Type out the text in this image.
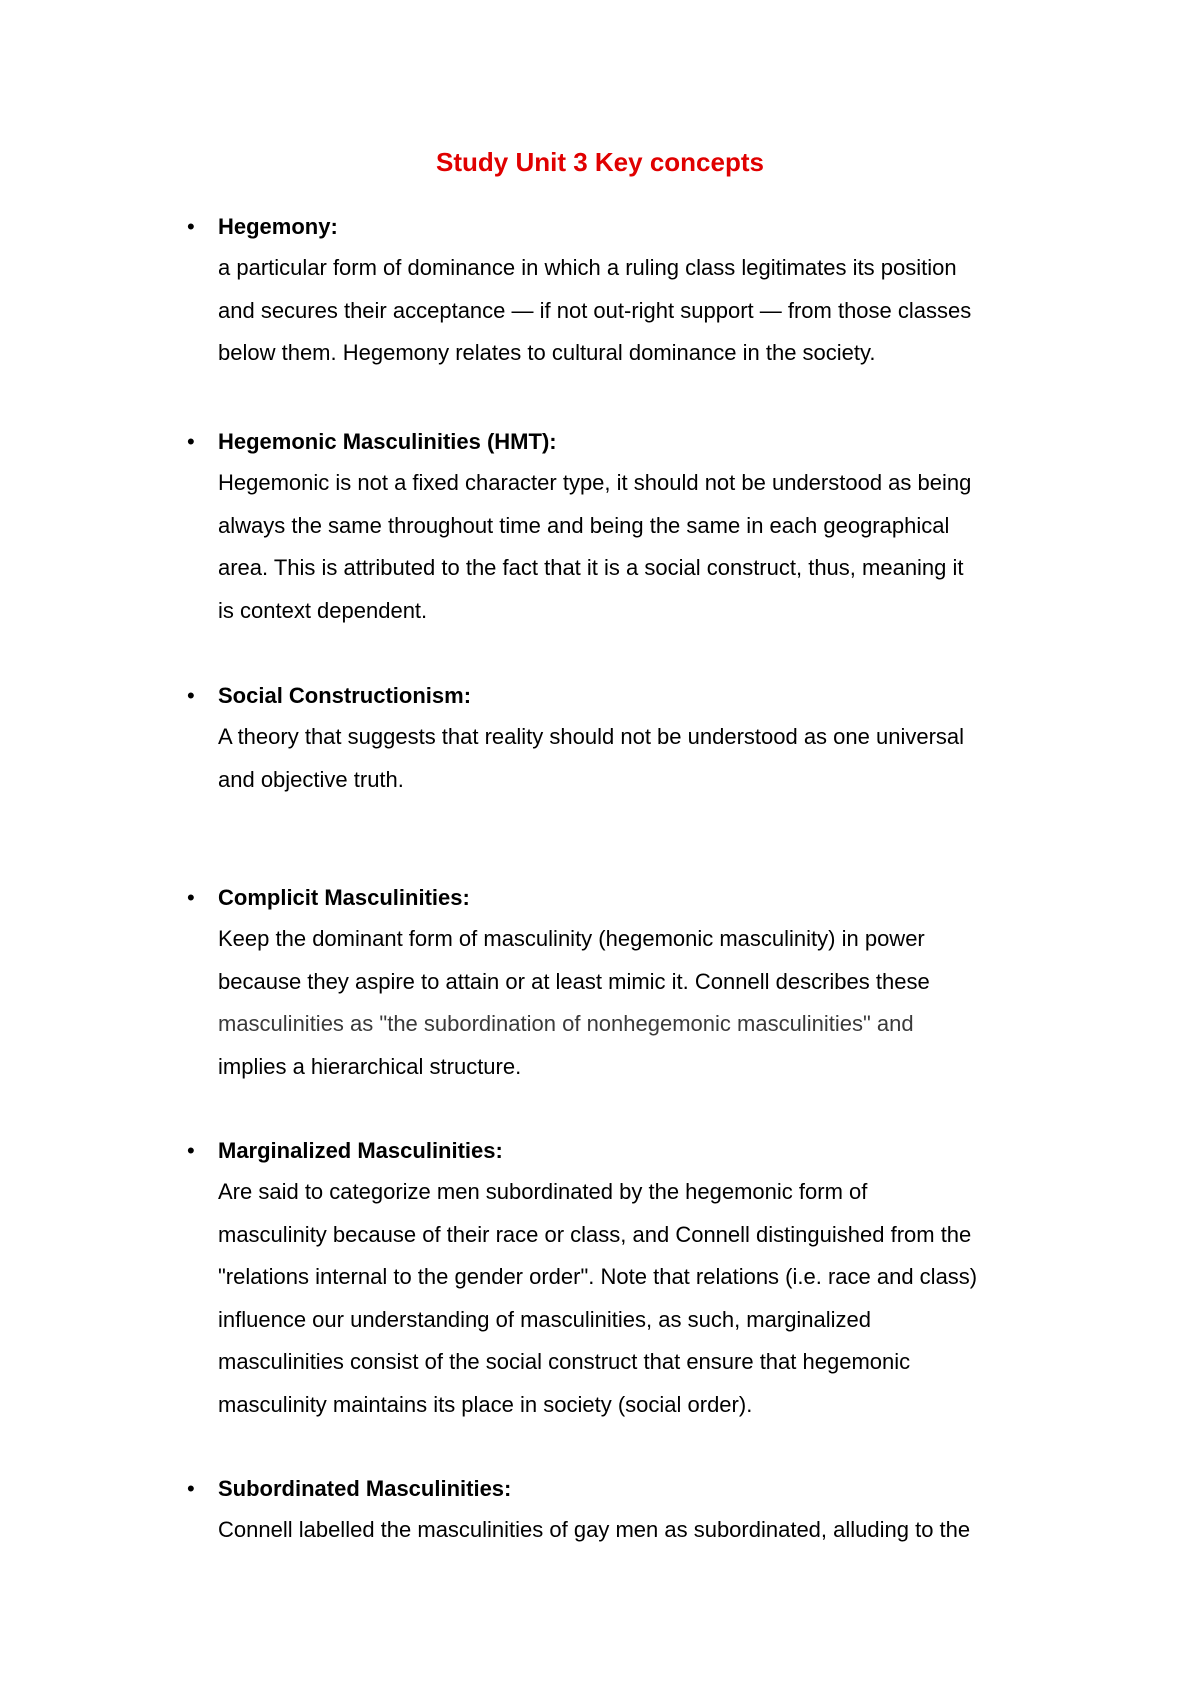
Study Unit 3 Key concepts
• Hegemony:
a particular form of dominance in which a ruling class legitimates its position
and secures their acceptance — if not out-right support — from those classes
below them. Hegemony relates to cultural dominance in the society.
• Hegemonic Masculinities (HMT):
Hegemonic is not a fixed character type, it should not be understood as being
always the same throughout time and being the same in each geographical
area. This is attributed to the fact that it is a social construct, thus, meaning it
is context dependent.
• Social Constructionism:
A theory that suggests that reality should not be understood as one universal
and objective truth.
• Complicit Masculinities:
Keep the dominant form of masculinity (hegemonic masculinity) in power
because they aspire to attain or at least mimic it. Connell describes these
masculinities as "the subordination of nonhegemonic masculinities" and
implies a hierarchical structure.
• Marginalized Masculinities:
Are said to categorize men subordinated by the hegemonic form of
masculinity because of their race or class, and Connell distinguished from the
"relations internal to the gender order". Note that relations (i.e. race and class)
influence our understanding of masculinities, as such, marginalized
masculinities consist of the social construct that ensure that hegemonic
masculinity maintains its place in society (social order).
• Subordinated Masculinities:
Connell labelled the masculinities of gay men as subordinated, alluding to the
